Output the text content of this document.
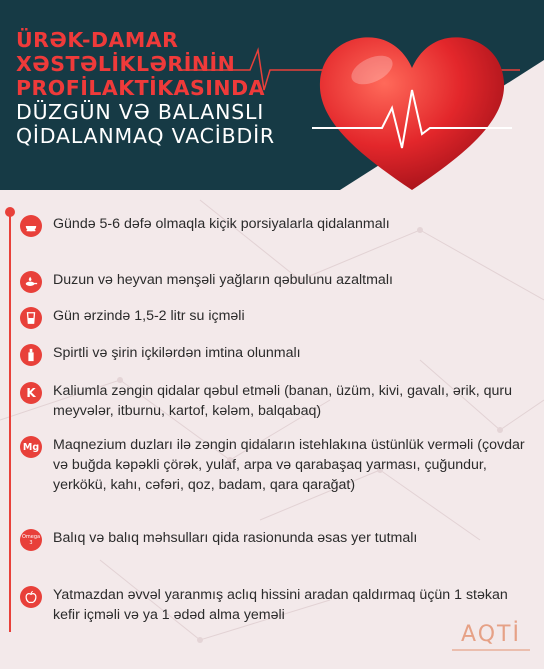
ÜRƏK-DAMAR
XƏSTƏLİKLƏRİNİN
PROFİLAKTİKASINDA
DÜZGÜN VƏ BALANSLI
QİDALANMAQ VACİBDİR
Gündə 5-6 dəfə olmaqla kiçik porsiyalarla qidalanmalı
Duzun və heyvan mənşəli yağların qəbulunu azaltmalı
Gün ərzində 1,5-2 litr su içməli
Spirtli və şirin içkilərdən imtina olunmalı
K	Kaliumla zəngin qidalar qəbul etməli (banan, üzüm, kivi, gavalı, ərik, quru meyvələr, itburnu, kartof, kələm, balqabaq)
Mg Maqnezium duzları ilə zəngin qidaların istehlakına üstünlük verməli (çovdar və buğda kəpəkli çörək, yulaf, arpa və qarabaşaq yarması, çuğundur, yerkökü, kahı, cəfəri, qoz, badam, qara qarağat)
Omega 3	Balıq və balıq məhsulları qida rasionunda əsas yer tutmalı
Yatmazdan əvvəl yaranmış aclıq hissini aradan qaldırmaq üçün 1 stəkan kefir içməli və ya 1 ədəd alma yeməli
AQTİ
